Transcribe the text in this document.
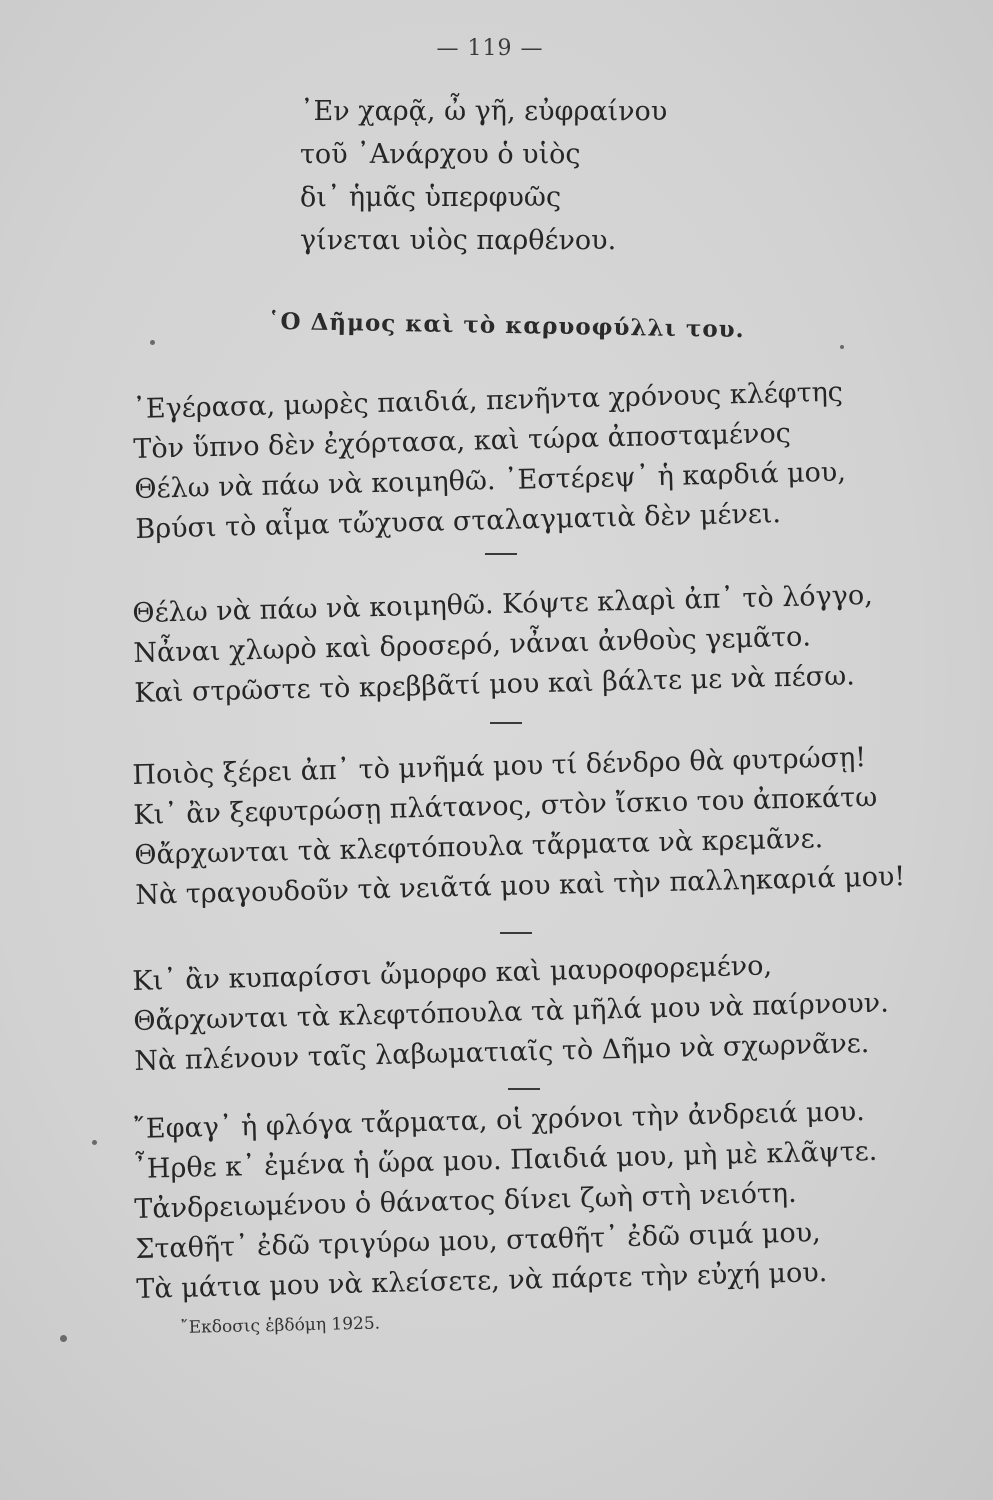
— 119 —
᾿Εν χαρᾷ, ὦ γῆ, εὐφραίνου
τοῦ ᾿Ανάρχου ὁ υἱὸς
δι᾿ ἡμᾶς ὑπερφυῶς
γίνεται υἱὸς παρθένου.
῾Ο Δῆμος καὶ τὸ καρυοφύλλι του.
᾿Εγέρασα, μωρὲς παιδιά, πενῆντα χρόνους κλέφτης
Τὸν ὕπνο δὲν ἐχόρτασα, καὶ τώρα ἀποσταμένος
Θέλω νὰ πάω νὰ κοιμηθῶ. ᾿Εστέρεψ᾿ ἡ καρδιά μου,
Βρύσι τὸ αἷμα τὤχυσα σταλαγματιὰ δὲν μένει.
Θέλω νὰ πάω νὰ κοιμηθῶ. Κόψτε κλαρὶ ἀπ᾿ τὸ λόγγο,
Νἆναι χλωρὸ καὶ δροσερό, νἆναι ἀνθοὺς γεμᾶτο.
Καὶ στρῶστε τὸ κρεββᾶτί μου καὶ βάλτε με νὰ πέσω.
Ποιὸς ξέρει ἀπ᾿ τὸ μνῆμά μου τί δένδρο θὰ φυτρώσῃ!
Κι᾿ ἂν ξεφυτρώσῃ πλάτανος, στὸν ἴσκιο του ἀποκάτω
Θἄρχωνται τὰ κλεφτόπουλα τἄρματα νὰ κρεμᾶνε.
Νὰ τραγουδοῦν τὰ νειᾶτά μου καὶ τὴν παλληκαριά μου!
Κι᾿ ἂν κυπαρίσσι ὤμορφο καὶ μαυροφορεμένο,
Θἄρχωνται τὰ κλεφτόπουλα τὰ μῆλά μου νὰ παίρνουν.
Νὰ πλένουν ταῖς λαβωματιαῖς τὸ Δῆμο νὰ σχωρνᾶνε.
῎Εφαγ᾿ ἡ φλόγα τἄρματα, οἱ χρόνοι τὴν ἀνδρειά μου.
῏Ηρθε κ᾿ ἐμένα ἡ ὥρα μου. Παιδιά μου, μὴ μὲ κλᾶψτε.
Τἀνδρειωμένου ὁ θάνατος δίνει ζωὴ στὴ νειότη.
Σταθῆτ᾿ ἐδῶ τριγύρω μου, σταθῆτ᾿ ἐδῶ σιμά μου,
Τὰ μάτια μου νὰ κλείσετε, νὰ πάρτε τὴν εὐχή μου.
῎Εκδοσις ἑβδόμη 1925.
